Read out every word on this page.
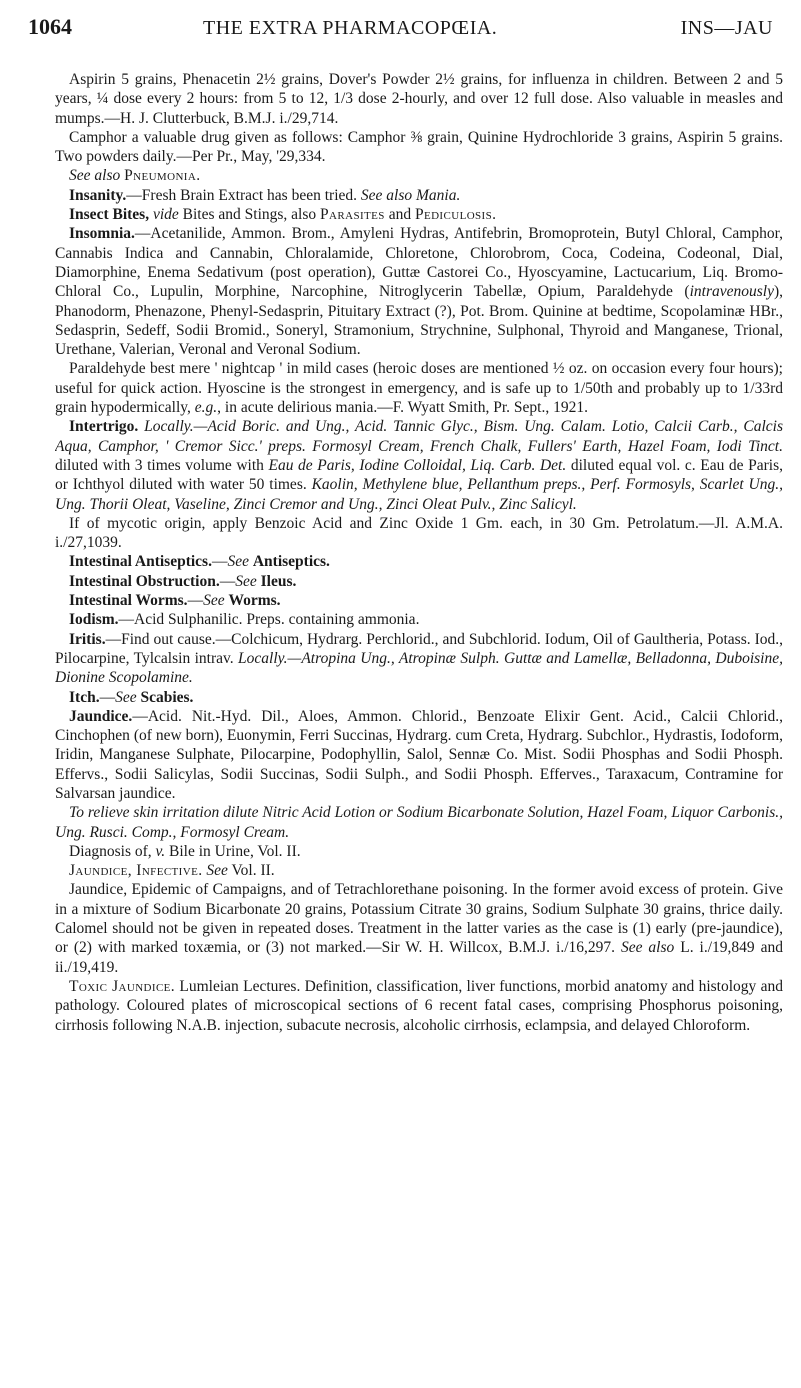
1064	THE EXTRA PHARMACOPŒIA.	INS—JAU

Aspirin 5 grains, Phenacetin 2½ grains, Dover's Powder 2½ grains, for influenza in children. Between 2 and 5 years, ¼ dose every 2 hours: from 5 to 12, 1/3 dose 2-hourly, and over 12 full dose. Also valuable in measles and mumps.—H. J. Clutterbuck, B.M.J. i./29,714.

Camphor a valuable drug given as follows: Camphor ⅜ grain, Quinine Hydrochloride 3 grains, Aspirin 5 grains. Two powders daily.—Per Pr., May, '29,334.

See also Pneumonia.

Insanity.—Fresh Brain Extract has been tried. See also Mania.

Insect Bites, vide Bites and Stings, also Parasites and Pediculosis.

Insomnia.—Acetanilide, Ammon. Brom., Amyleni Hydras, Antifebrin, Bromoprotein, Butyl Chloral, Camphor, Cannabis Indica and Cannabin, Chloralamide, Chloretone, Chlorobrom, Coca, Codeina, Codeonal, Dial, Diamorphine, Enema Sedativum (post operation), Guttæ Castorei Co., Hyoscyamine, Lactucarium, Liq. Bromo-Chloral Co., Lupulin, Morphine, Narcophine, Nitroglycerin Tabellæ, Opium, Paraldehyde (intravenously), Phanodorm, Phenazone, Phenyl-Sedasprin, Pituitary Extract (?), Pot. Brom. Quinine at bedtime, Scopolaminæ HBr., Sedasprin, Sedeff, Sodii Bromid., Soneryl, Stramonium, Strychnine, Sulphonal, Thyroid and Manganese, Trional, Urethane, Valerian, Veronal and Veronal Sodium.

Paraldehyde best mere ' nightcap ' in mild cases (heroic doses are mentioned ½ oz. on occasion every four hours); useful for quick action. Hyoscine is the strongest in emergency, and is safe up to 1/50th and probably up to 1/33rd grain hypodermically, e.g., in acute delirious mania.—F. Wyatt Smith, Pr. Sept., 1921.

Intertrigo. Locally.—Acid Boric. and Ung., Acid. Tannic Glyc., Bism. Ung. Calam. Lotio, Calcii Carb., Calcis Aqua, Camphor, ' Cremor Sicc.' preps. Formosyl Cream, French Chalk, Fullers' Earth, Hazel Foam, Iodi Tinct. diluted with 3 times volume with Eau de Paris, Iodine Colloidal, Liq. Carb. Det. diluted equal vol. c. Eau de Paris, or Ichthyol diluted with water 50 times. Kaolin, Methylene blue, Pellanthum preps., Perf. Formosyls, Scarlet Ung., Ung. Thorii Oleat, Vaseline, Zinci Cremor and Ung., Zinci Oleat Pulv., Zinc Salicyl.

If of mycotic origin, apply Benzoic Acid and Zinc Oxide 1 Gm. each, in 30 Gm. Petrolatum.—Jl. A.M.A. i./27,1039.

Intestinal Antiseptics.—See Antiseptics.

Intestinal Obstruction.—See Ileus.

Intestinal Worms.—See Worms.

Iodism.—Acid Sulphanilic. Preps. containing ammonia.

Iritis.—Find out cause.—Colchicum, Hydrarg. Perchlorid., and Subchlorid. Iodum, Oil of Gaultheria, Potass. Iod., Pilocarpine, Tylcalsin intrav. Locally.—Atropina Ung., Atropinæ Sulph. Guttæ and Lamellæ, Belladonna, Duboisine, Dionine Scopolamine.

Itch.—See Scabies.

Jaundice.—Acid. Nit.-Hyd. Dil., Aloes, Ammon. Chlorid., Benzoate Elixir Gent. Acid., Calcii Chlorid., Cinchophen (of new born), Euonymin, Ferri Succinas, Hydrarg. cum Creta, Hydrarg. Subchlor., Hydrastis, Iodoform, Iridin, Manganese Sulphate, Pilocarpine, Podophyllin, Salol, Sennæ Co. Mist. Sodii Phosphas and Sodii Phosph. Effervs., Sodii Salicylas, Sodii Succinas, Sodii Sulph., and Sodii Phosph. Efferves., Taraxacum, Contramine for Salvarsan jaundice.

To relieve skin irritation dilute Nitric Acid Lotion or Sodium Bicarbonate Solution, Hazel Foam, Liquor Carbonis., Ung. Rusci. Comp., Formosyl Cream.

Diagnosis of, v. Bile in Urine, Vol. II.

Jaundice, Infective. See Vol. II.

Jaundice, Epidemic of Campaigns, and of Tetrachlorethane poisoning. In the former avoid excess of protein. Give in a mixture of Sodium Bicarbonate 20 grains, Potassium Citrate 30 grains, Sodium Sulphate 30 grains, thrice daily. Calomel should not be given in repeated doses. Treatment in the latter varies as the case is (1) early (pre-jaundice), or (2) with marked toxæmia, or (3) not marked.—Sir W. H. Willcox, B.M.J. i./16,297. See also L. i./19,849 and ii./19,419.

Toxic Jaundice. Lumleian Lectures. Definition, classification, liver functions, morbid anatomy and histology and pathology. Coloured plates of microscopical sections of 6 recent fatal cases, comprising Phosphorus poisoning, cirrhosis following N.A.B. injection, subacute necrosis, alcoholic cirrhosis, eclampsia, and delayed Chloroform.
